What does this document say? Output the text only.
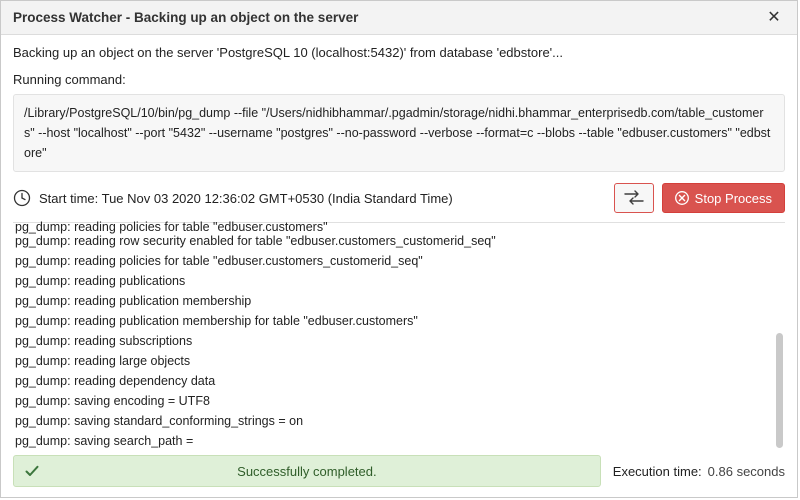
Process Watcher - Backing up an object on the server	✕
Backing up an object on the server 'PostgreSQL 10 (localhost:5432)' from database 'edbstore'...
Running command:
/Library/PostgreSQL/10/bin/pg_dump --file "/Users/nidhibhammar/.pgadmin/storage/nidhi.bhammar_enterprisedb.com/table_customers" --host "localhost" --port "5432" --username "postgres" --no-password --verbose --format=c --blobs --table "edbuser.customers" "edbstore"
Start time: Tue Nov 03 2020 12:36:02 GMT+0530 (India Standard Time)	Stop Process
pg_dump: reading policies for table "edbuser.customers"
pg_dump: reading row security enabled for table "edbuser.customers_customerid_seq"
pg_dump: reading policies for table "edbuser.customers_customerid_seq"
pg_dump: reading publications
pg_dump: reading publication membership
pg_dump: reading publication membership for table "edbuser.customers"
pg_dump: reading subscriptions
pg_dump: reading large objects
pg_dump: reading dependency data
pg_dump: saving encoding = UTF8
pg_dump: saving standard_conforming_strings = on
pg_dump: saving search_path =
Successfully completed.	Execution time: 0.86 seconds
